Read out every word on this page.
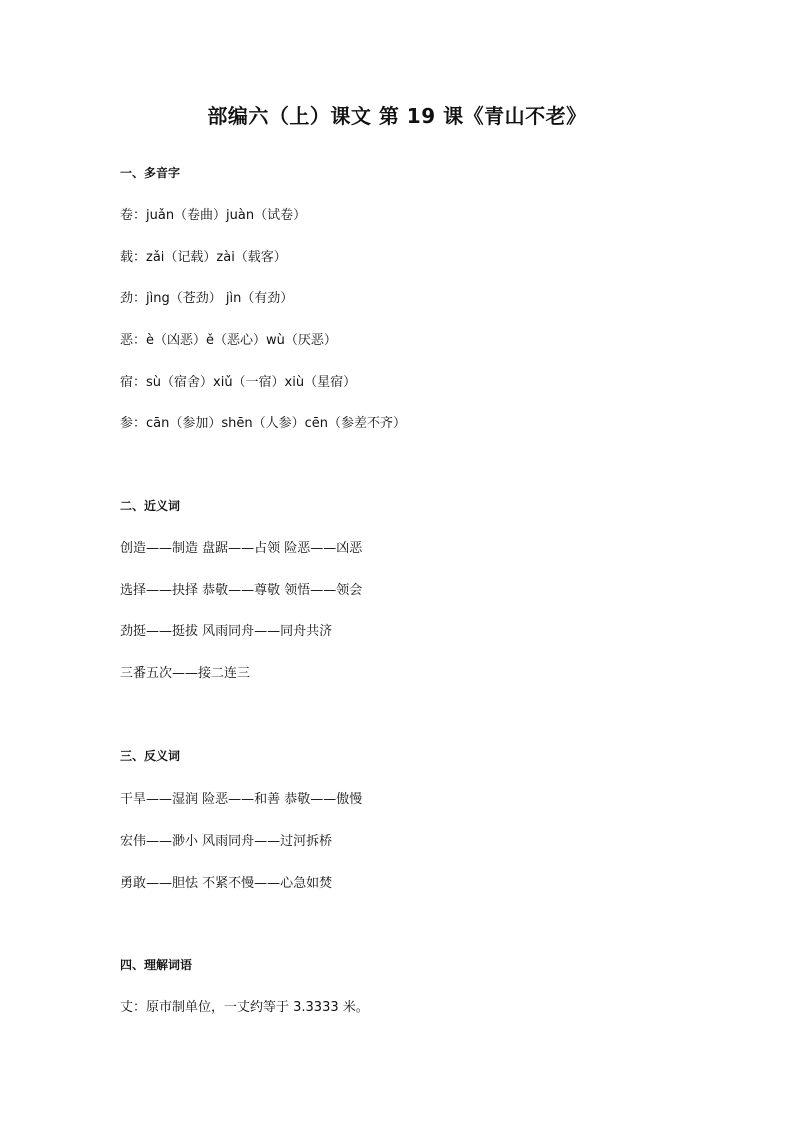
部编六（上）课文 第 19 课《青山不老》
一、多音字
卷：juǎn（卷曲）juàn（试卷）
载：zǎi（记载）zài（载客）
劲：jìng（苍劲） jìn（有劲）
恶：è（凶恶）ě（恶心）wù（厌恶）
宿：sù（宿舍）xiǔ（一宿）xiù（星宿）
参：cān（参加）shēn（人参）cēn（参差不齐）
二、近义词
创造——制造 盘踞——占领 险恶——凶恶
选择——抉择 恭敬——尊敬 领悟——领会
劲挺——挺拔 风雨同舟——同舟共济
三番五次——接二连三
三、反义词
干旱——湿润 险恶——和善 恭敬——傲慢
宏伟——渺小 风雨同舟——过河拆桥
勇敢——胆怯 不紧不慢——心急如焚
四、理解词语
丈：原市制单位，一丈约等于 3.3333 米。
